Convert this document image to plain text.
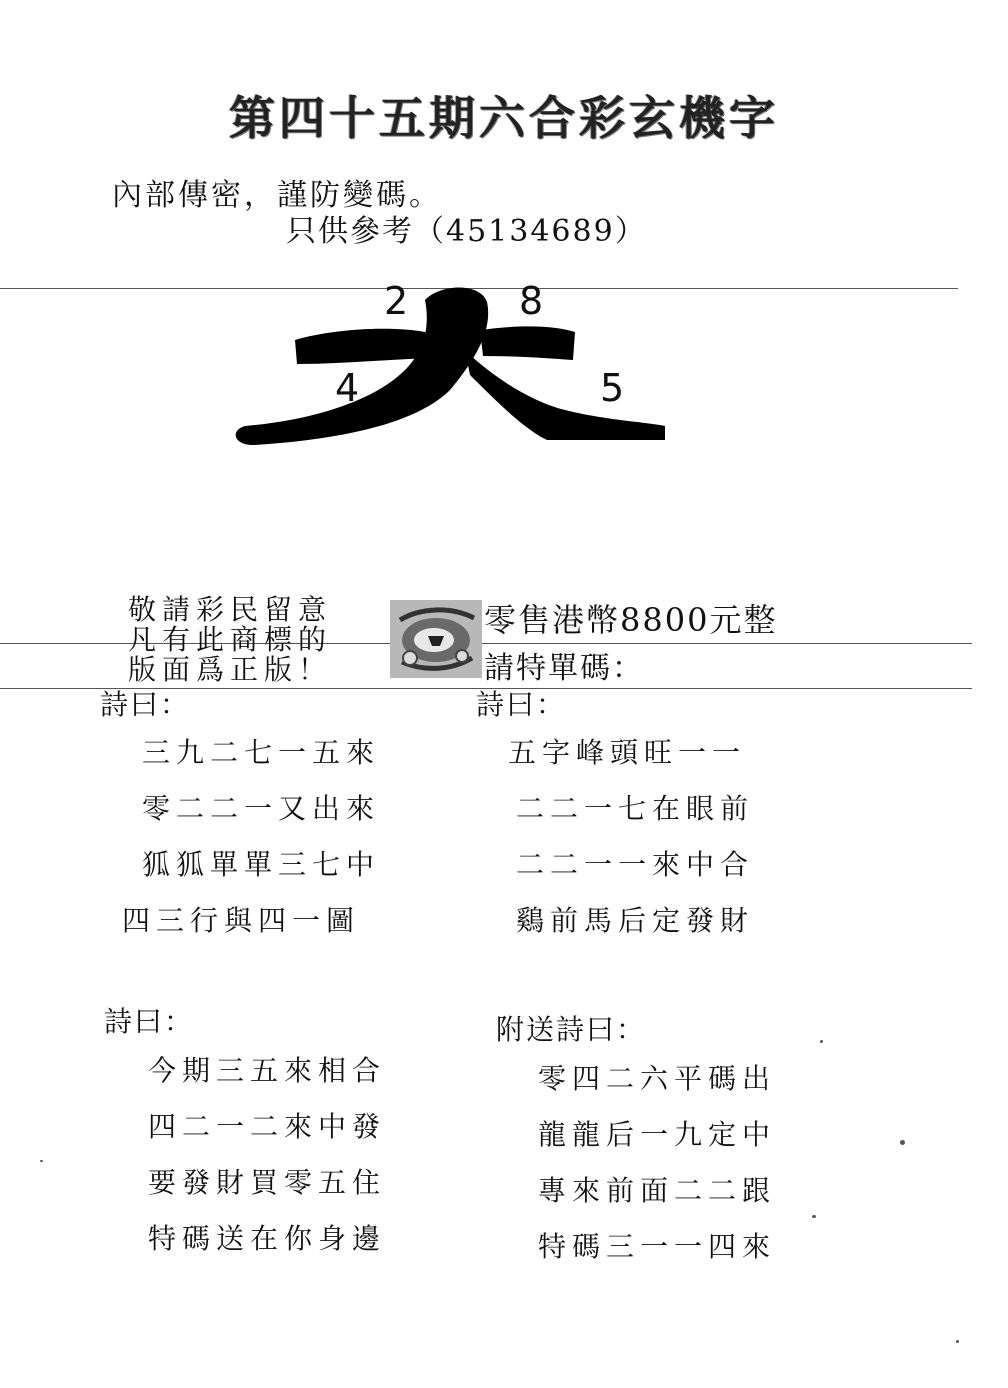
第四十五期六合彩玄機字
內部傳密，謹防變碼。
只供參考（45134689）
2	8
4	5
敬請彩民留意
凡有此商標的
版面爲正版！
零售港幣8800元整
請特單碼：
詩曰：
三九二七一五來
零二二一又出來
狐狐單單三七中
四三行與四一圖
詩曰：
五字峰頭旺一一
二二一七在眼前
二二一一來中合
鷄前馬后定發財
詩曰：
今期三五來相合
四二一二來中發
要發財買零五住
特碼送在你身邊
附送詩曰：
零四二六平碼出
龍龍后一九定中
專來前面二二跟
特碼三一一四來
